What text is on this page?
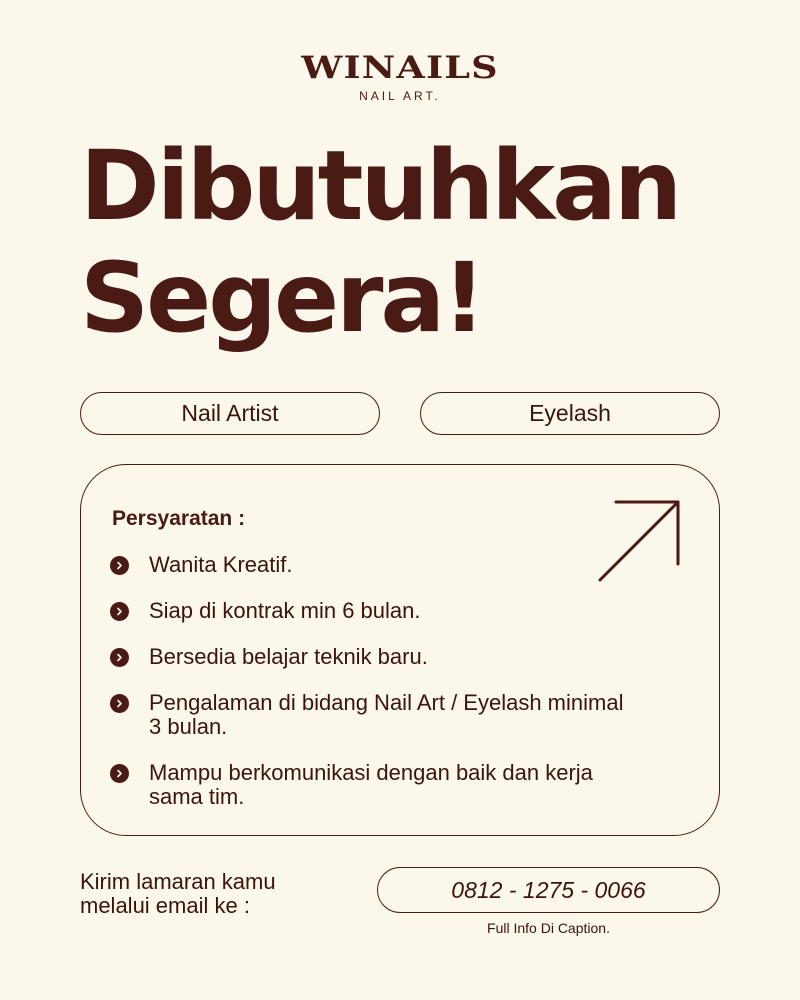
WINAILS
NAIL ART.
Dibutuhkan
Segera!
Nail Artist	Eyelash
Persyaratan :
Wanita Kreatif.
Siap di kontrak min 6 bulan.
Bersedia belajar teknik baru.
Pengalaman di bidang Nail Art / Eyelash minimal 3 bulan.
Mampu berkomunikasi dengan baik dan kerja sama tim.
Kirim lamaran kamu melalui email ke :
0812 - 1275 - 0066
Full Info Di Caption.
